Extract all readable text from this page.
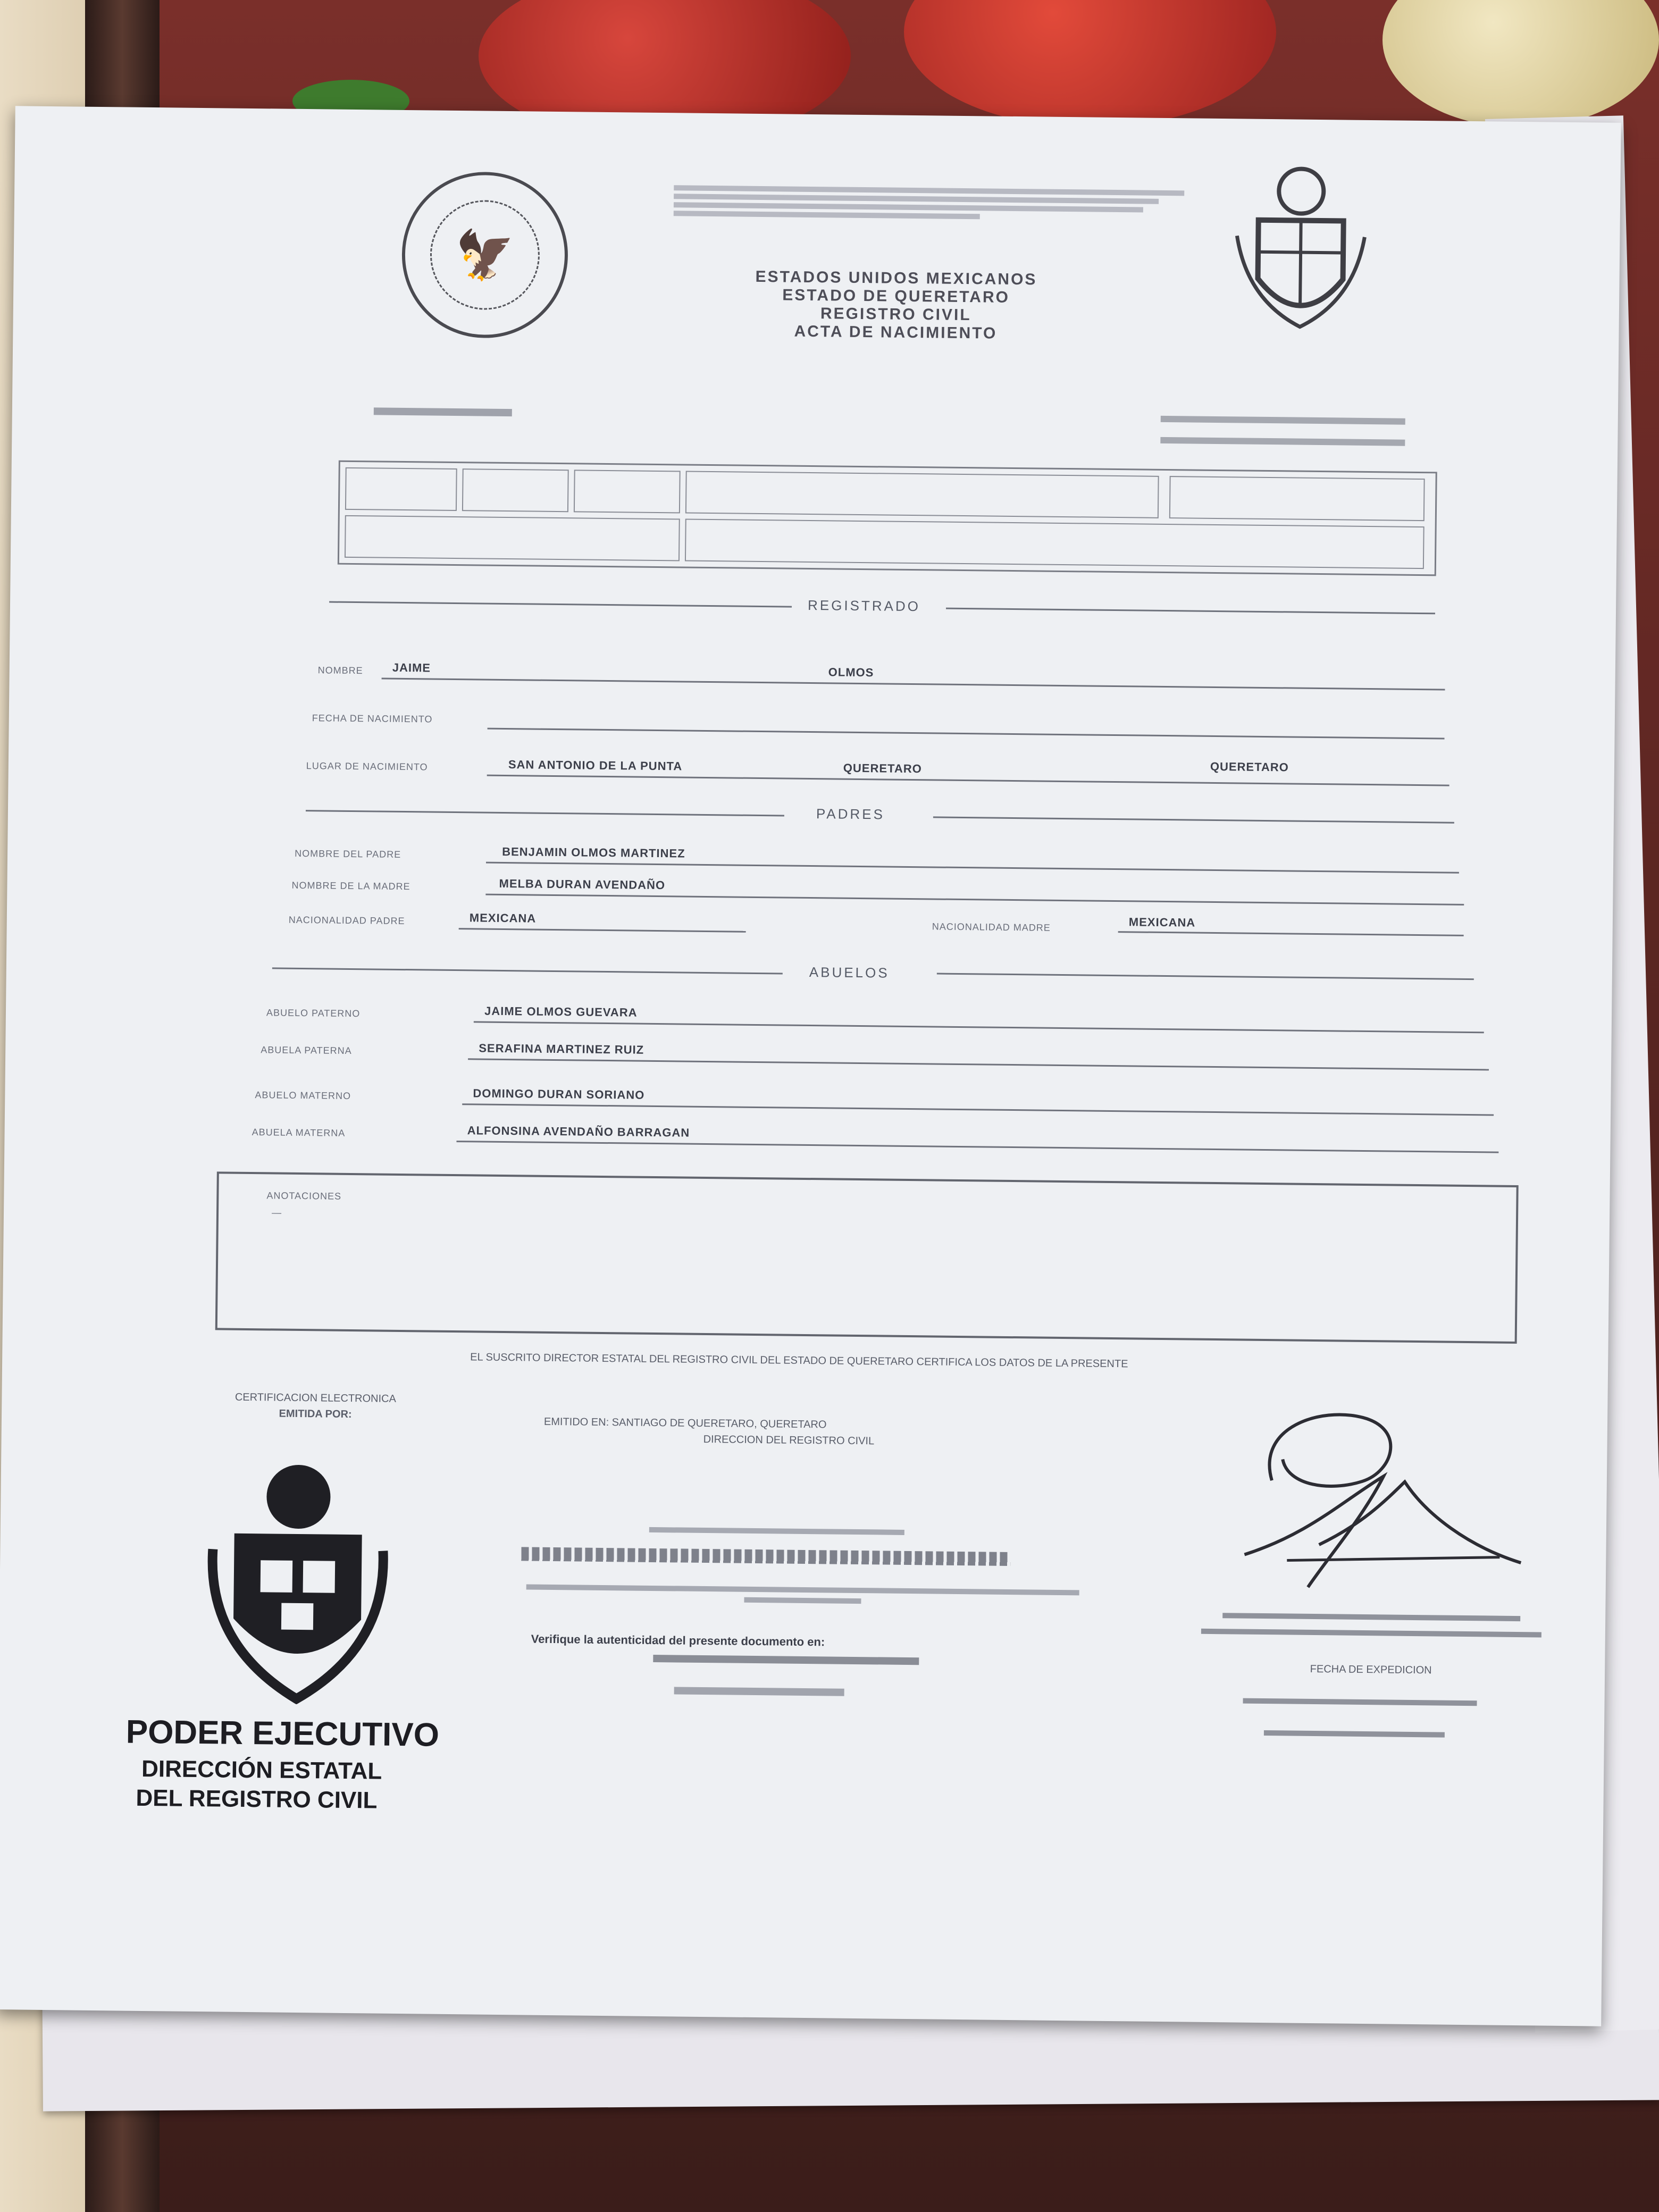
🦅	ESTADOS UNIDOS MEXICANOS
ESTADO DE QUERETARO
REGISTRO CIVIL
ACTA DE NACIMIENTO
REGISTRADO
NOMBRE JAIME	OLMOS
FECHA DE NACIMIENTO
LUGAR DE NACIMIENTO	SAN ANTONIO DE LA PUNTA	QUERETARO	QUERETARO
PADRES
NOMBRE DEL PADRE	BENJAMIN OLMOS MARTINEZ
NOMBRE DE LA MADRE	MELBA DURAN AVENDAÑO
NACIONALIDAD PADRE	MEXICANA
NACIONALIDAD MADRE	MEXICANA
ABUELOS
ABUELO PATERNO	JAIME OLMOS GUEVARA
ABUELA PATERNA	SERAFINA MARTINEZ RUIZ
ABUELO MATERNO	DOMINGO DURAN SORIANO
ABUELA MATERNA	ALFONSINA AVENDAÑO BARRAGAN
ANOTACIONES
—
EL SUSCRITO DIRECTOR ESTATAL DEL REGISTRO CIVIL DEL ESTADO DE QUERETARO CERTIFICA LOS DATOS DE LA PRESENTE
CERTIFICACION ELECTRONICA
EMITIDA POR:
EMITIDO EN: SANTIAGO DE QUERETARO, QUERETARO
DIRECCION DEL REGISTRO CIVIL
Verifique la autenticidad del presente documento en:
FECHA DE EXPEDICION
PODER EJECUTIVO
DIRECCIÓN ESTATAL
DEL REGISTRO CIVIL
